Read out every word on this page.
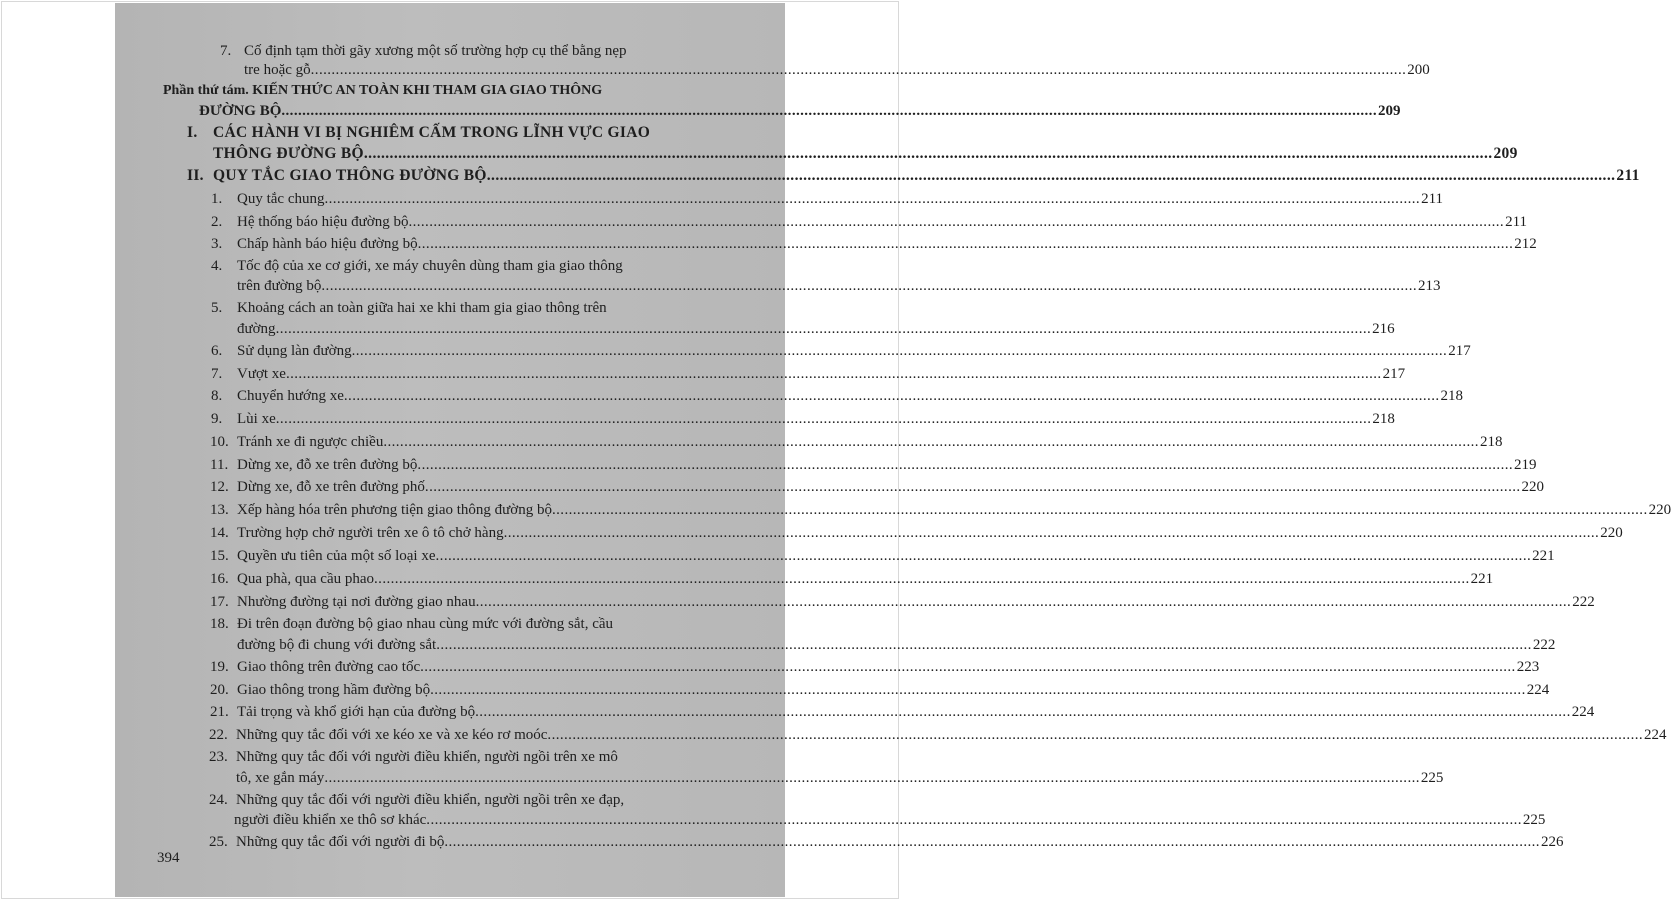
7. Cố định tạm thời gãy xương một số trường hợp cụ thể bằng nẹp
tre hoặc gỗ .....	200
Phần thứ tám. KIẾN THỨC AN TOÀN KHI THAM GIA GIAO THÔNG
ĐƯỜNG BỘ .....	209
I. CÁC HÀNH VI BỊ NGHIÊM CẤM TRONG LĨNH VỰC GIAO
THÔNG ĐƯỜNG BỘ .....	209
II. QUY TẮC GIAO THÔNG ĐƯỜNG BỘ .....	211
1. Quy tắc chung .....	211
2. Hệ thống báo hiệu đường bộ .....	211
3. Chấp hành báo hiệu đường bộ .....	212
4. Tốc độ của xe cơ giới, xe máy chuyên dùng tham gia giao thông
trên đường bộ .....	213
5. Khoảng cách an toàn giữa hai xe khi tham gia giao thông trên
đường .....	216
6. Sử dụng làn đường .....	217
7. Vượt xe .....	217
8. Chuyển hướng xe .....	218
9. Lùi xe .....	218
10. Tránh xe đi ngược chiều .....	218
11. Dừng xe, đỗ xe trên đường bộ .....	219
12. Dừng xe, đỗ xe trên đường phố .....	220
13. Xếp hàng hóa trên phương tiện giao thông đường bộ .....	220
14. Trường hợp chở người trên xe ô tô chở hàng .....	220
15. Quyền ưu tiên của một số loại xe .....	221
16. Qua phà, qua cầu phao .....	221
17. Nhường đường tại nơi đường giao nhau .....	222
18. Đi trên đoạn đường bộ giao nhau cùng mức với đường sắt, cầu
đường bộ đi chung với đường sắt .....	222
19. Giao thông trên đường cao tốc .....	223
20. Giao thông trong hầm đường bộ .....	224
21. Tải trọng và khổ giới hạn của đường bộ .....	224
22. Những quy tắc đối với xe kéo xe và xe kéo rơ moóc .....	224
23. Những quy tắc đối với người điều khiển, người ngồi trên xe mô
tô, xe gắn máy .....	225
24. Những quy tắc đối với người điều khiển, người ngồi trên xe đạp,
người điều khiển xe thô sơ khác .....	225
25. Những quy tắc đối với người đi bộ .....	226
394
